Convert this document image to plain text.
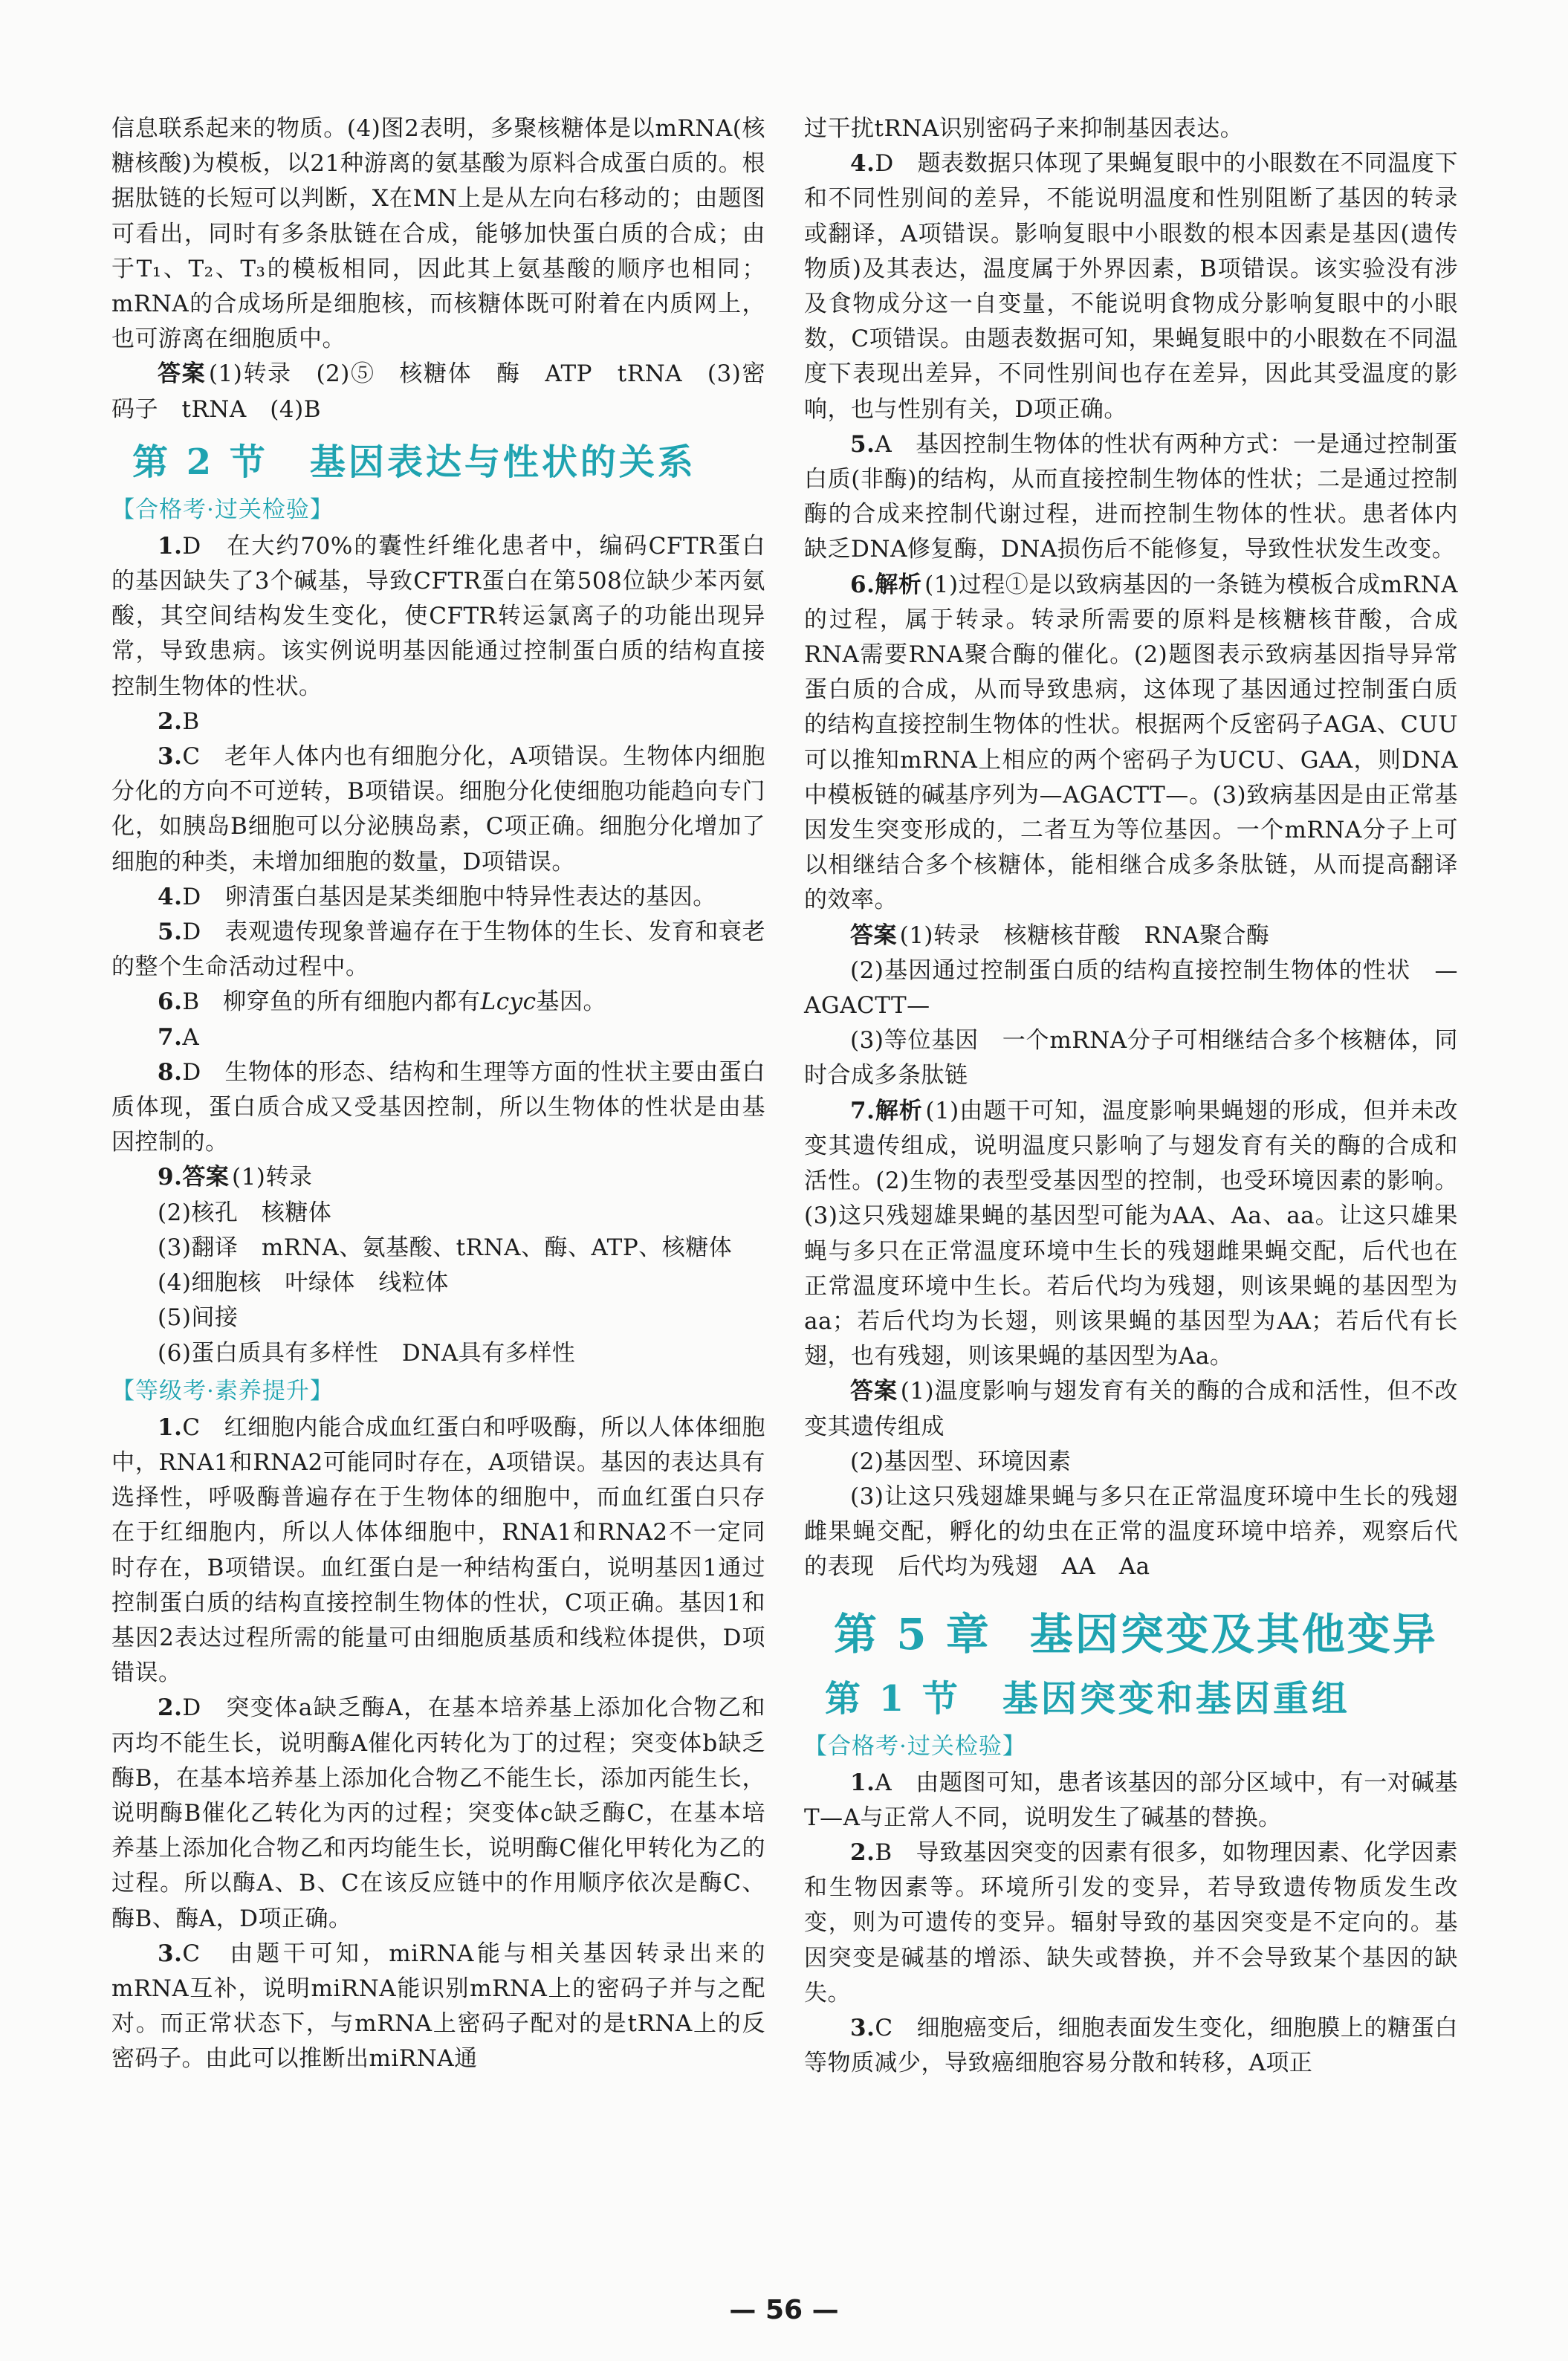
信息联系起来的物质。(4)图2表明，多聚核糖体是以mRNA(核糖核酸)为模板，以21种游离的氨基酸为原料合成蛋白质的。根据肽链的长短可以判断，X在MN上是从左向右移动的；由题图可看出，同时有多条肽链在合成，能够加快蛋白质的合成；由于T₁、T₂、T₃的模板相同，因此其上氨基酸的顺序也相同；mRNA的合成场所是细胞核，而核糖体既可附着在内质网上，也可游离在细胞质中。

答案  (1)转录　(2)⑤　核糖体　酶　ATP　tRNA　(3)密码子　tRNA　(4)B

第 2 节 基因表达与性状的关系
【合格考·过关检验】

1.D　在大约70%的囊性纤维化患者中，编码CFTR蛋白的基因缺失了3个碱基，导致CFTR蛋白在第508位缺少苯丙氨酸，其空间结构发生变化，使CFTR转运氯离子的功能出现异常，导致患病。该实例说明基因能通过控制蛋白质的结构直接控制生物体的性状。

2.B

3.C　老年人体内也有细胞分化，A项错误。生物体内细胞分化的方向不可逆转，B项错误。细胞分化使细胞功能趋向专门化，如胰岛B细胞可以分泌胰岛素，C项正确。细胞分化增加了细胞的种类，未增加细胞的数量，D项错误。

4.D　卵清蛋白基因是某类细胞中特异性表达的基因。

5.D　表观遗传现象普遍存在于生物体的生长、发育和衰老的整个生命活动过程中。

6.B　柳穿鱼的所有细胞内都有Lcyc基因。

7.A

8.D　生物体的形态、结构和生理等方面的性状主要由蛋白质体现，蛋白质合成又受基因控制，所以生物体的性状是由基因控制的。

9.答案  (1)转录

(2)核孔　核糖体

(3)翻译　mRNA、氨基酸、tRNA、酶、ATP、核糖体

(4)细胞核　叶绿体　线粒体

(5)间接

(6)蛋白质具有多样性　DNA具有多样性

【等级考·素养提升】

1.C　红细胞内能合成血红蛋白和呼吸酶，所以人体体细胞中，RNA1和RNA2可能同时存在，A项错误。基因的表达具有选择性，呼吸酶普遍存在于生物体的细胞中，而血红蛋白只存在于红细胞内，所以人体体细胞中，RNA1和RNA2不一定同时存在，B项错误。血红蛋白是一种结构蛋白，说明基因1通过控制蛋白质的结构直接控制生物体的性状，C项正确。基因1和基因2表达过程所需的能量可由细胞质基质和线粒体提供，D项错误。

2.D　突变体a缺乏酶A，在基本培养基上添加化合物乙和丙均不能生长，说明酶A催化丙转化为丁的过程；突变体b缺乏酶B，在基本培养基上添加化合物乙不能生长，添加丙能生长，说明酶B催化乙转化为丙的过程；突变体c缺乏酶C，在基本培养基上添加化合物乙和丙均能生长，说明酶C催化甲转化为乙的过程。所以酶A、B、C在该反应链中的作用顺序依次是酶C、酶B、酶A，D项正确。

3.C　由题干可知，miRNA能与相关基因转录出来的mRNA互补，说明miRNA能识别mRNA上的密码子并与之配对。而正常状态下，与mRNA上密码子配对的是tRNA上的反密码子。由此可以推断出miRNA通

过干扰tRNA识别密码子来抑制基因表达。

4.D　题表数据只体现了果蝇复眼中的小眼数在不同温度下和不同性别间的差异，不能说明温度和性别阻断了基因的转录或翻译，A项错误。影响复眼中小眼数的根本因素是基因(遗传物质)及其表达，温度属于外界因素，B项错误。该实验没有涉及食物成分这一自变量，不能说明食物成分影响复眼中的小眼数，C项错误。由题表数据可知，果蝇复眼中的小眼数在不同温度下表现出差异，不同性别间也存在差异，因此其受温度的影响，也与性别有关，D项正确。

5.A　基因控制生物体的性状有两种方式：一是通过控制蛋白质(非酶)的结构，从而直接控制生物体的性状；二是通过控制酶的合成来控制代谢过程，进而控制生物体的性状。患者体内缺乏DNA修复酶，DNA损伤后不能修复，导致性状发生改变。

6.解析  (1)过程①是以致病基因的一条链为模板合成mRNA的过程，属于转录。转录所需要的原料是核糖核苷酸，合成RNA需要RNA聚合酶的催化。(2)题图表示致病基因指导异常蛋白质的合成，从而导致患病，这体现了基因通过控制蛋白质的结构直接控制生物体的性状。根据两个反密码子AGA、CUU可以推知mRNA上相应的两个密码子为UCU、GAA，则DNA中模板链的碱基序列为—AGACTT—。(3)致病基因是由正常基因发生突变形成的，二者互为等位基因。一个mRNA分子上可以相继结合多个核糖体，能相继合成多条肽链，从而提高翻译的效率。

答案  (1)转录　核糖核苷酸　RNA聚合酶

(2)基因通过控制蛋白质的结构直接控制生物体的性状　—AGACTT—

(3)等位基因　一个mRNA分子可相继结合多个核糖体，同时合成多条肽链

7.解析  (1)由题干可知，温度影响果蝇翅的形成，但并未改变其遗传组成，说明温度只影响了与翅发育有关的酶的合成和活性。(2)生物的表型受基因型的控制，也受环境因素的影响。(3)这只残翅雄果蝇的基因型可能为AA、Aa、aa。让这只雄果蝇与多只在正常温度环境中生长的残翅雌果蝇交配，后代也在正常温度环境中生长。若后代均为残翅，则该果蝇的基因型为aa；若后代均为长翅，则该果蝇的基因型为AA；若后代有长翅，也有残翅，则该果蝇的基因型为Aa。

答案  (1)温度影响与翅发育有关的酶的合成和活性，但不改变其遗传组成

(2)基因型、环境因素

(3)让这只残翅雄果蝇与多只在正常温度环境中生长的残翅雌果蝇交配，孵化的幼虫在正常的温度环境中培养，观察后代的表现　后代均为残翅　AA　Aa

第 5 章 基因突变及其他变异
第 1 节 基因突变和基因重组
【合格考·过关检验】

1.A　由题图可知，患者该基因的部分区域中，有一对碱基T—A与正常人不同，说明发生了碱基的替换。

2.B　导致基因突变的因素有很多，如物理因素、化学因素和生物因素等。环境所引发的变异，若导致遗传物质发生改变，则为可遗传的变异。辐射导致的基因突变是不定向的。基因突变是碱基的增添、缺失或替换，并不会导致某个基因的缺失。

3.C　细胞癌变后，细胞表面发生变化，细胞膜上的糖蛋白等物质减少，导致癌细胞容易分散和转移，A项正

— 56 —
